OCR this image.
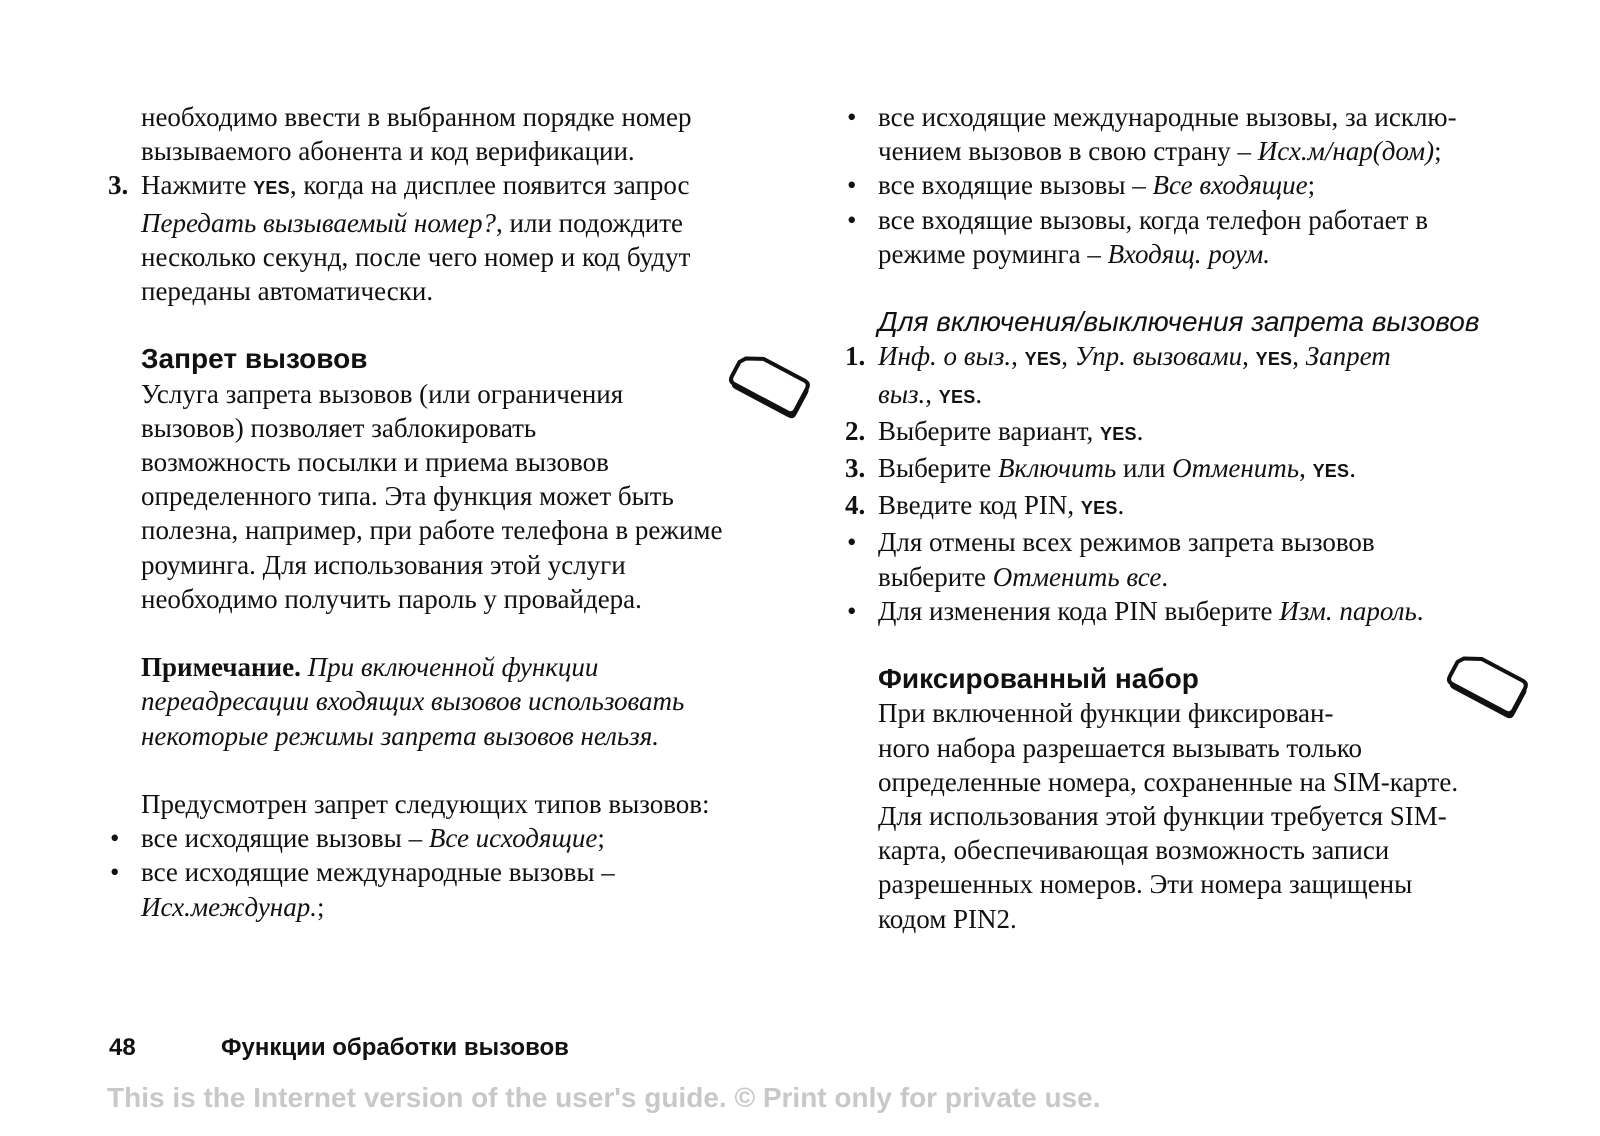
необходимо ввести в выбранном порядке номер
вызываемого абонента и код верификации.
3. Нажмите YES, когда на дисплее появится запрос
Передать вызываемый номер?, или подождите
несколько секунд, после чего номер и код будут
переданы автоматически.
Запрет вызовов
Услуга запрета вызовов (или ограничения
вызовов) позволяет заблокировать
возможность посылки и приема вызовов
определенного типа. Эта функция может быть
полезна, например, при работе телефона в режиме
роуминга. Для использования этой услуги
необходимо получить пароль у провайдера.
Примечание. При включенной функции
переадресации входящих вызовов использовать
некоторые режимы запрета вызовов нельзя.
Предусмотрен запрет следующих типов вызовов:
• все исходящие вызовы – Все исходящие;
• все исходящие международные вызовы –
Исх.междунар.;
• все исходящие международные вызовы, за исклю-
чением вызовов в свою страну – Исх.м/нар(дом);
• все входящие вызовы – Все входящие;
• все входящие вызовы, когда телефон работает в
режиме роуминга – Входящ. роум.
Для включения/выключения запрета вызовов
1. Инф. о выз., YES, Упр. вызовами, YES, Запрет
выз., YES.
2. Выберите вариант, YES.
3. Выберите Включить или Отменить, YES.
4. Введите код PIN, YES.
• Для отмены всех режимов запрета вызовов
выберите Отменить все.
• Для изменения кода PIN выберите Изм. пароль.
Фиксированный набор
При включенной функции фиксирован-
ного набора разрешается вызывать только
определенные номера, сохраненные на SIM-карте.
Для использования этой функции требуется SIM-
карта, обеспечивающая возможность записи
разрешенных номеров. Эти номера защищены
кодом PIN2.
48	Функции обработки вызовов
This is the Internet version of the user's guide. © Print only for private use.
